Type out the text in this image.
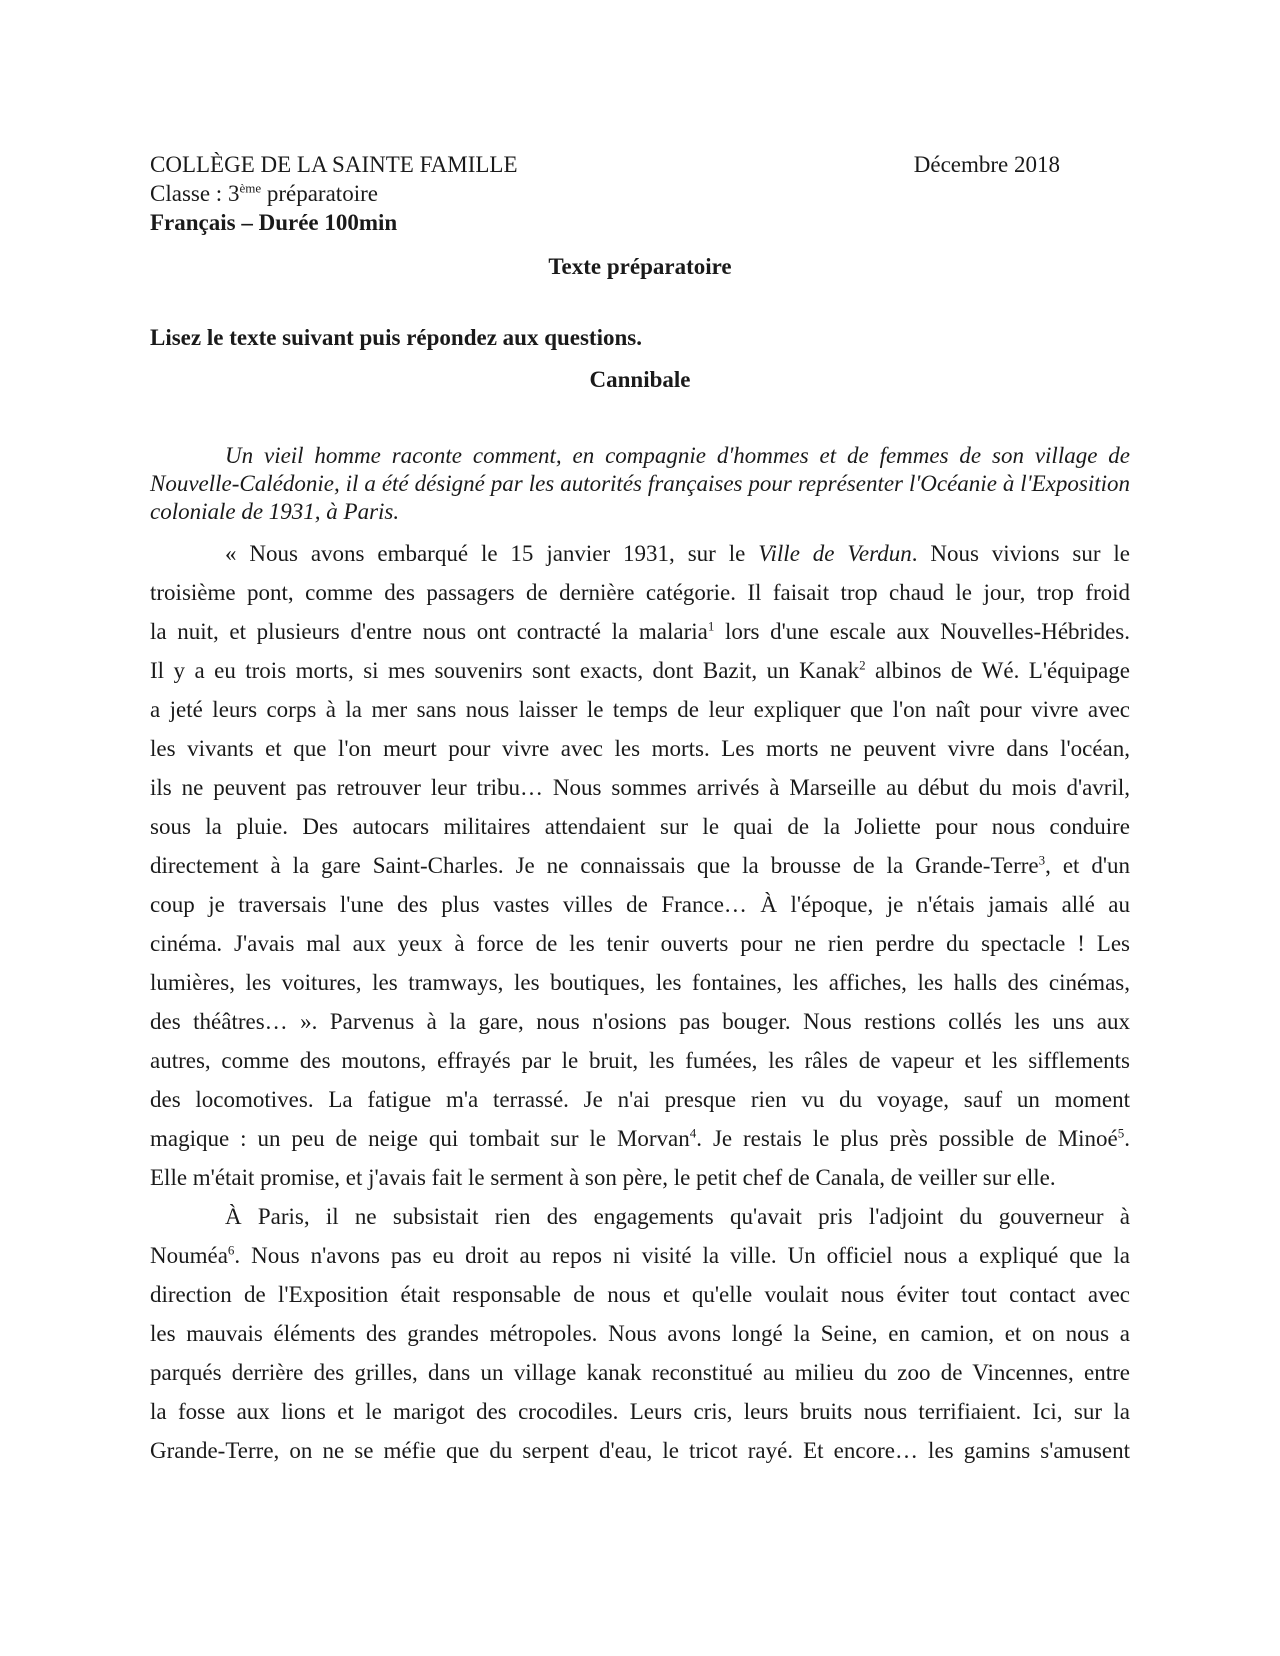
COLLÈGE DE LA SAINTE FAMILLE	Décembre 2018
Classe : 3ème préparatoire
Français – Durée 100min
Texte préparatoire
Lisez le texte suivant puis répondez aux questions.
Cannibale
Un vieil homme raconte comment, en compagnie d'hommes et de femmes de son village de Nouvelle-Calédonie, il a été désigné par les autorités françaises pour représenter l'Océanie à l'Exposition coloniale de 1931, à Paris.
« Nous avons embarqué le 15 janvier 1931, sur le Ville de Verdun. Nous vivions sur le
troisième pont, comme des passagers de dernière catégorie. Il faisait trop chaud le jour, trop froid
la nuit, et plusieurs d'entre nous ont contracté la malaria$^1$ lors d'une escale aux Nouvelles-Hébrides.
Il y a eu trois morts, si mes souvenirs sont exacts, dont Bazit, un Kanak$^2$ albinos de Wé. L'équipage
a jeté leurs corps à la mer sans nous laisser le temps de leur expliquer que l'on naît pour vivre avec
les vivants et que l'on meurt pour vivre avec les morts. Les morts ne peuvent vivre dans l'océan,
ils ne peuvent pas retrouver leur tribu… Nous sommes arrivés à Marseille au début du mois d'avril,
sous la pluie. Des autocars militaires attendaient sur le quai de la Joliette pour nous conduire
directement à la gare Saint-Charles. Je ne connaissais que la brousse de la Grande-Terre$^3$, et d'un
coup je traversais l'une des plus vastes villes de France… À l'époque, je n'étais jamais allé au
cinéma. J'avais mal aux yeux à force de les tenir ouverts pour ne rien perdre du spectacle ! Les
lumières, les voitures, les tramways, les boutiques, les fontaines, les affiches, les halls des cinémas,
des théâtres… ». Parvenus à la gare, nous n'osions pas bouger. Nous restions collés les uns aux
autres, comme des moutons, effrayés par le bruit, les fumées, les râles de vapeur et les sifflements
des locomotives. La fatigue m'a terrassé. Je n'ai presque rien vu du voyage, sauf un moment
magique : un peu de neige qui tombait sur le Morvan$^4$. Je restais le plus près possible de Minoé$^5$.
Elle m'était promise, et j'avais fait le serment à son père, le petit chef de Canala, de veiller sur elle.
À Paris, il ne subsistait rien des engagements qu'avait pris l'adjoint du gouverneur à
Nouméa$^6$. Nous n'avons pas eu droit au repos ni visité la ville. Un officiel nous a expliqué que la
direction de l'Exposition était responsable de nous et qu'elle voulait nous éviter tout contact avec
les mauvais éléments des grandes métropoles. Nous avons longé la Seine, en camion, et on nous a
parqués derrière des grilles, dans un village kanak reconstitué au milieu du zoo de Vincennes, entre
la fosse aux lions et le marigot des crocodiles. Leurs cris, leurs bruits nous terrifiaient. Ici, sur la
Grande-Terre, on ne se méfie que du serpent d'eau, le tricot rayé. Et encore… les gamins s'amusent
